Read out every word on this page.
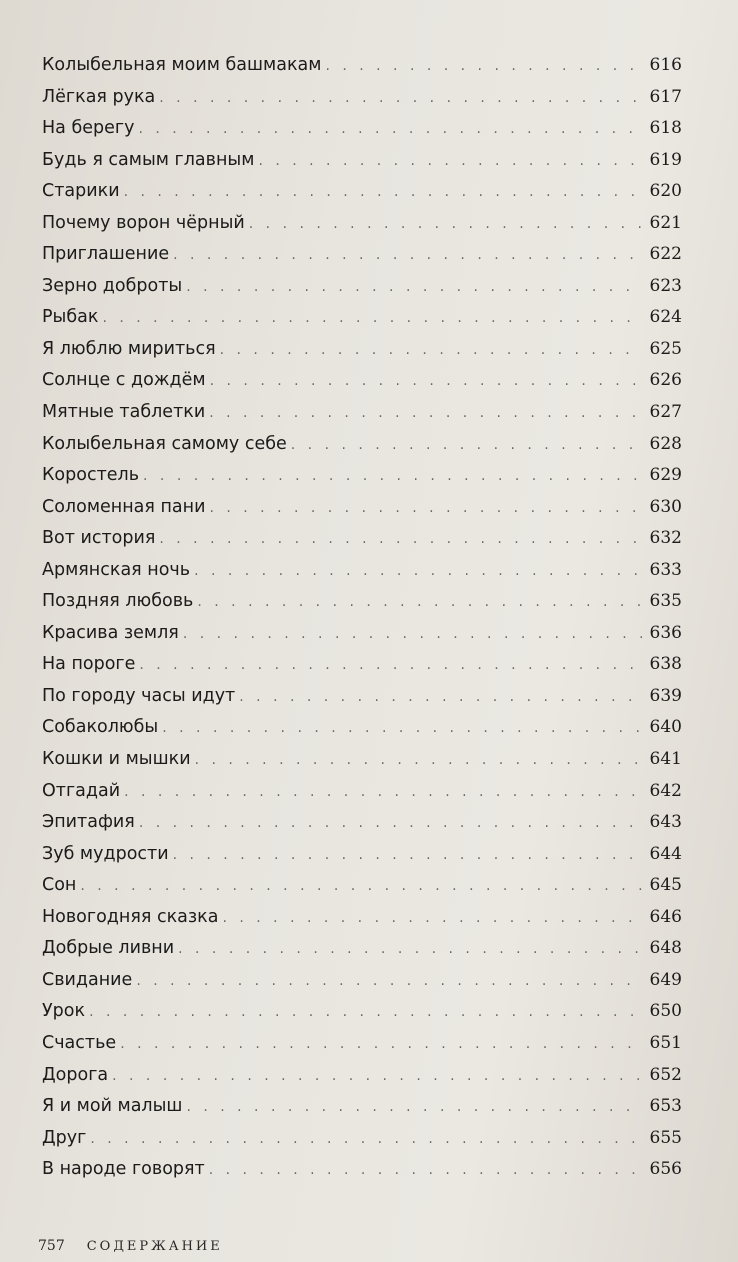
Колыбельная моим башмакам . . .	616
Лёгкая рука . . .	617
На берегу . . .	618
Будь я самым главным . . .	619
Старики . . .	620
Почему ворон чёрный . . .	621
Приглашение . . .	622
Зерно доброты . . .	623
Рыбак . . .	624
Я люблю мириться . . .	625
Солнце с дождём . . .	626
Мятные таблетки . . .	627
Колыбельная самому себе . . .	628
Коростель . . .	629
Соломенная пани . . .	630
Вот история . . .	632
Армянская ночь . . .	633
Поздняя любовь . . .	635
Красива земля . . .	636
На пороге . . .	638
По городу часы идут . . .	639
Собаколюбы . . .	640
Кошки и мышки . . .	641
Отгадай . . .	642
Эпитафия . . .	643
Зуб мудрости . . .	644
Сон . . .	645
Новогодняя сказка . . .	646
Добрые ливни . . .	648
Свидание . . .	649
Урок . . .	650
Счастье . . .	651
Дорога . . .	652
Я и мой малыш . . .	653
Друг . . .	655
В народе говорят . . .	656
757 СОДЕРЖАНИЕ
